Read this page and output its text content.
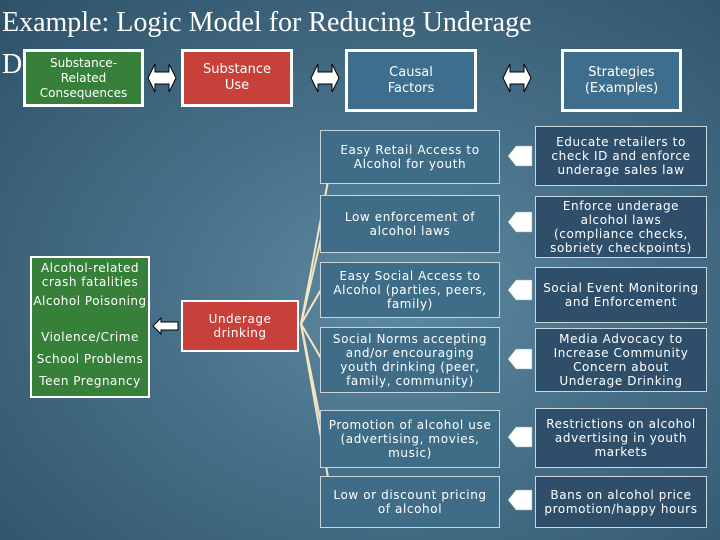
Example: Logic Model for Reducing Underage
D	Substance-
Related
Consequences
Substance
Use
Causal
Factors
Strategies
(Examples)
Alcohol-related crash fatalities
Alcohol Poisoning
Violence/Crime
School Problems
Teen Pregnancy
Underage drinking
Easy Retail Access to Alcohol for youth
Low enforcement of alcohol laws
Easy Social Access to Alcohol (parties, peers, family)
Social Norms accepting and/or encouraging youth drinking (peer, family, community)
Promotion of alcohol use (advertising, movies, music)
Low or discount pricing of alcohol
Educate retailers to check ID and enforce underage sales law
Enforce underage alcohol laws (compliance checks, sobriety checkpoints)
Social Event Monitoring and Enforcement
Media Advocacy to Increase Community Concern about Underage Drinking
Restrictions on alcohol advertising in youth markets
Bans on alcohol price promotion/happy hours
